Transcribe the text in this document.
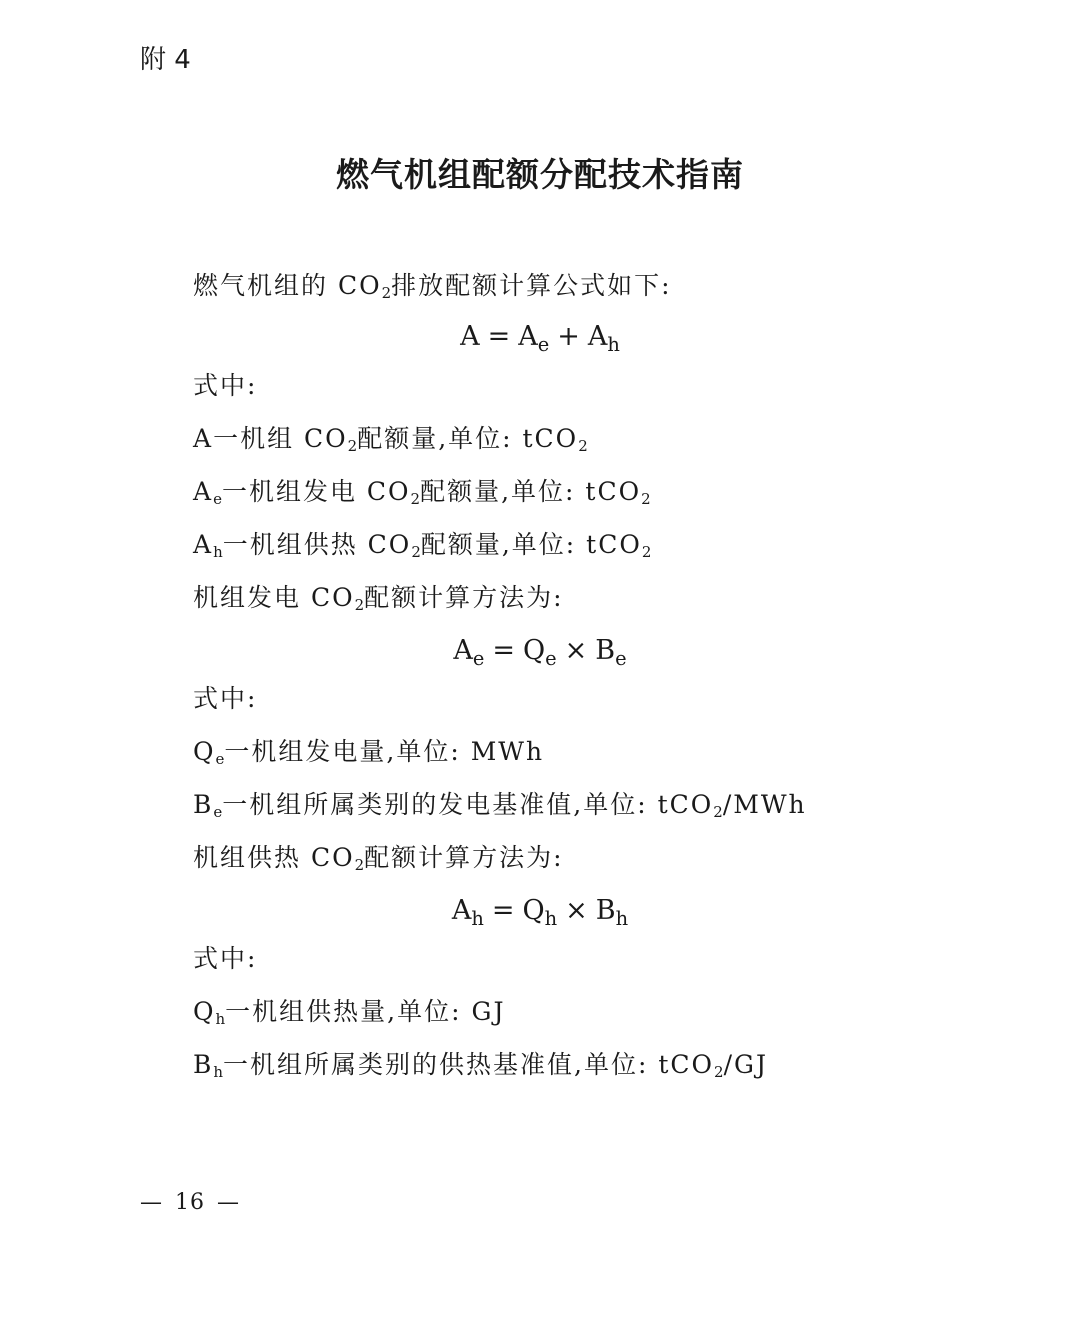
附 4
燃气机组配额分配技术指南
燃气机组的 $CO_2$排放配额计算公式如下:
$A = A_e + A_h$
式中:
A一机组 $CO_2$配额量,单位: tCO$_2$
$A_e$一机组发电 $CO_2$配额量,单位: tCO$_2$
$A_h$一机组供热 $CO_2$配额量,单位: tCO$_2$
机组发电 $CO_2$配额计算方法为:
$A_e = Q_e \times B_e$
式中:
$Q_e$一机组发电量,单位: MWh
$B_e$一机组所属类别的发电基准值,单位: tCO$_2$/MWh
机组供热 $CO_2$配额计算方法为:
$A_h = Q_h \times B_h$
式中:
$Q_h$一机组供热量,单位: GJ
$B_h$一机组所属类别的供热基准值,单位: tCO$_2$/GJ
— 16 —
